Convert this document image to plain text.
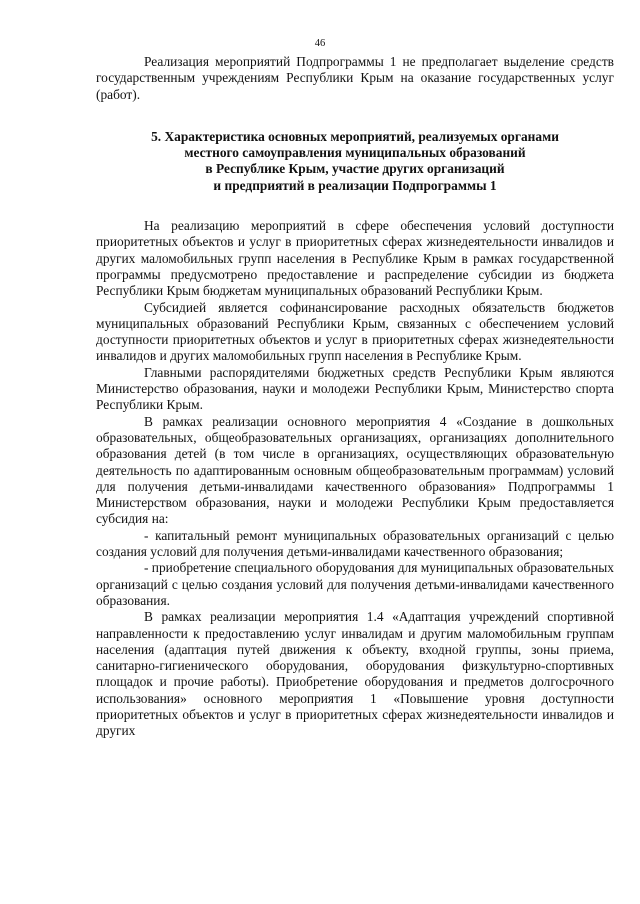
46

Реализация мероприятий Подпрограммы 1 не предполагает выделение средств государственным учреждениям Республики Крым на оказание государственных услуг (работ).

5. Характеристика основных мероприятий, реализуемых органами
местного самоуправления муниципальных образований
в Республике Крым, участие других организаций
и предприятий в реализации Подпрограммы 1

На реализацию мероприятий в сфере обеспечения условий доступности приоритетных объектов и услуг в приоритетных сферах жизнедеятельности инвалидов и других маломобильных групп населения в Республике Крым в рамках государственной программы предусмотрено предоставление и распределение субсидии из бюджета Республики Крым бюджетам муниципальных образований Республики Крым.

Субсидией является софинансирование расходных обязательств бюджетов муниципальных образований Республики Крым, связанных с обеспечением условий доступности приоритетных объектов и услуг в приоритетных сферах жизнедеятельности инвалидов и других маломобильных групп населения в Республике Крым.

Главными распорядителями бюджетных средств Республики Крым являются Министерство образования, науки и молодежи Республики Крым, Министерство спорта Республики Крым.

В рамках реализации основного мероприятия 4 «Создание в дошкольных образовательных, общеобразовательных организациях, организациях дополнительного образования детей (в том числе в организациях, осуществляющих образовательную деятельность по адаптированным основным общеобразовательным программам) условий для получения детьми-инвалидами качественного образования» Подпрограммы 1 Министерством образования, науки и молодежи Республики Крым предоставляется субсидия на:

- капитальный ремонт муниципальных образовательных организаций с целью создания условий для получения детьми-инвалидами качественного образования;

- приобретение специального оборудования для муниципальных образовательных организаций с целью создания условий для получения детьми-инвалидами качественного образования.

В рамках реализации мероприятия 1.4 «Адаптация учреждений спортивной направленности к предоставлению услуг инвалидам и другим маломобильным группам населения (адаптация путей движения к объекту, входной группы, зоны приема, санитарно-гигиенического оборудования, оборудования физкультурно-спортивных площадок и прочие работы). Приобретение оборудования и предметов долгосрочного использования» основного мероприятия 1 «Повышение уровня доступности приоритетных объектов и услуг в приоритетных сферах жизнедеятельности инвалидов и других
